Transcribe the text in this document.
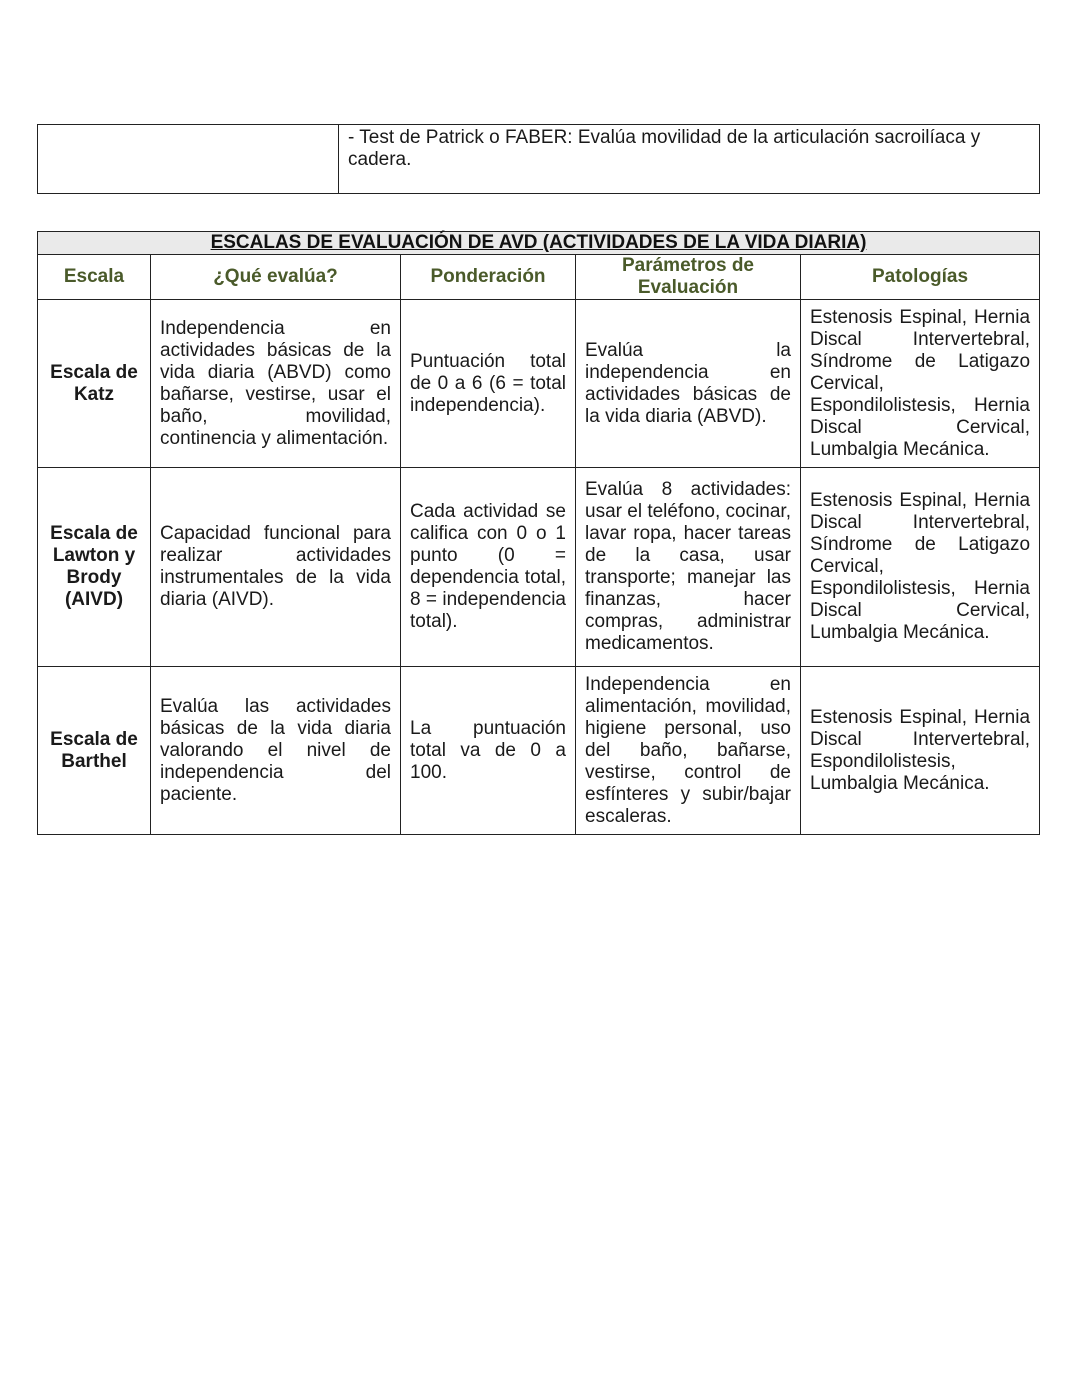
	- Test de Patrick o FABER: Evalúa movilidad de la articulación sacroilíaca y cadera.
ESCALAS DE EVALUACIÓN DE AVD (ACTIVIDADES DE LA VIDA DIARIA)				
Escala	¿Qué evalúa?	Ponderación	Parámetros de Evaluación	Patologías
Escala de Katz	Independencia en actividades básicas de la vida diaria (ABVD) como bañarse, vestirse, usar el baño, movilidad, continencia y alimentación.	Puntuación total de 0 a 6 (6 = total independencia).	Evalúa la independencia en actividades básicas de la vida diaria (ABVD).	Estenosis Espinal, Hernia Discal Intervertebral, Síndrome de Latigazo Cervical, Espondilolistesis, Hernia Discal Cervical, Lumbalgia Mecánica.
Escala de Lawton y Brody (AIVD)	Capacidad funcional para realizar actividades instrumentales de la vida diaria (AIVD).	Cada actividad se califica con 0 o 1 punto (0 = dependencia total, 8 = independencia total).	Evalúa 8 actividades: usar el teléfono, cocinar, lavar ropa, hacer tareas de la casa, usar transporte; manejar las finanzas, hacer compras, administrar medicamentos.	Estenosis Espinal, Hernia Discal Intervertebral, Síndrome de Latigazo Cervical, Espondilolistesis, Hernia Discal Cervical, Lumbalgia Mecánica.
Escala de Barthel	Evalúa las actividades básicas de la vida diaria valorando el nivel de independencia del paciente.	La puntuación total va de 0 a 100.	Independencia en alimentación, movilidad, higiene personal, uso del baño, bañarse, vestirse, control de esfínteres y subir/bajar escaleras.	Estenosis Espinal, Hernia Discal Intervertebral, Espondilolistesis, Lumbalgia Mecánica.
